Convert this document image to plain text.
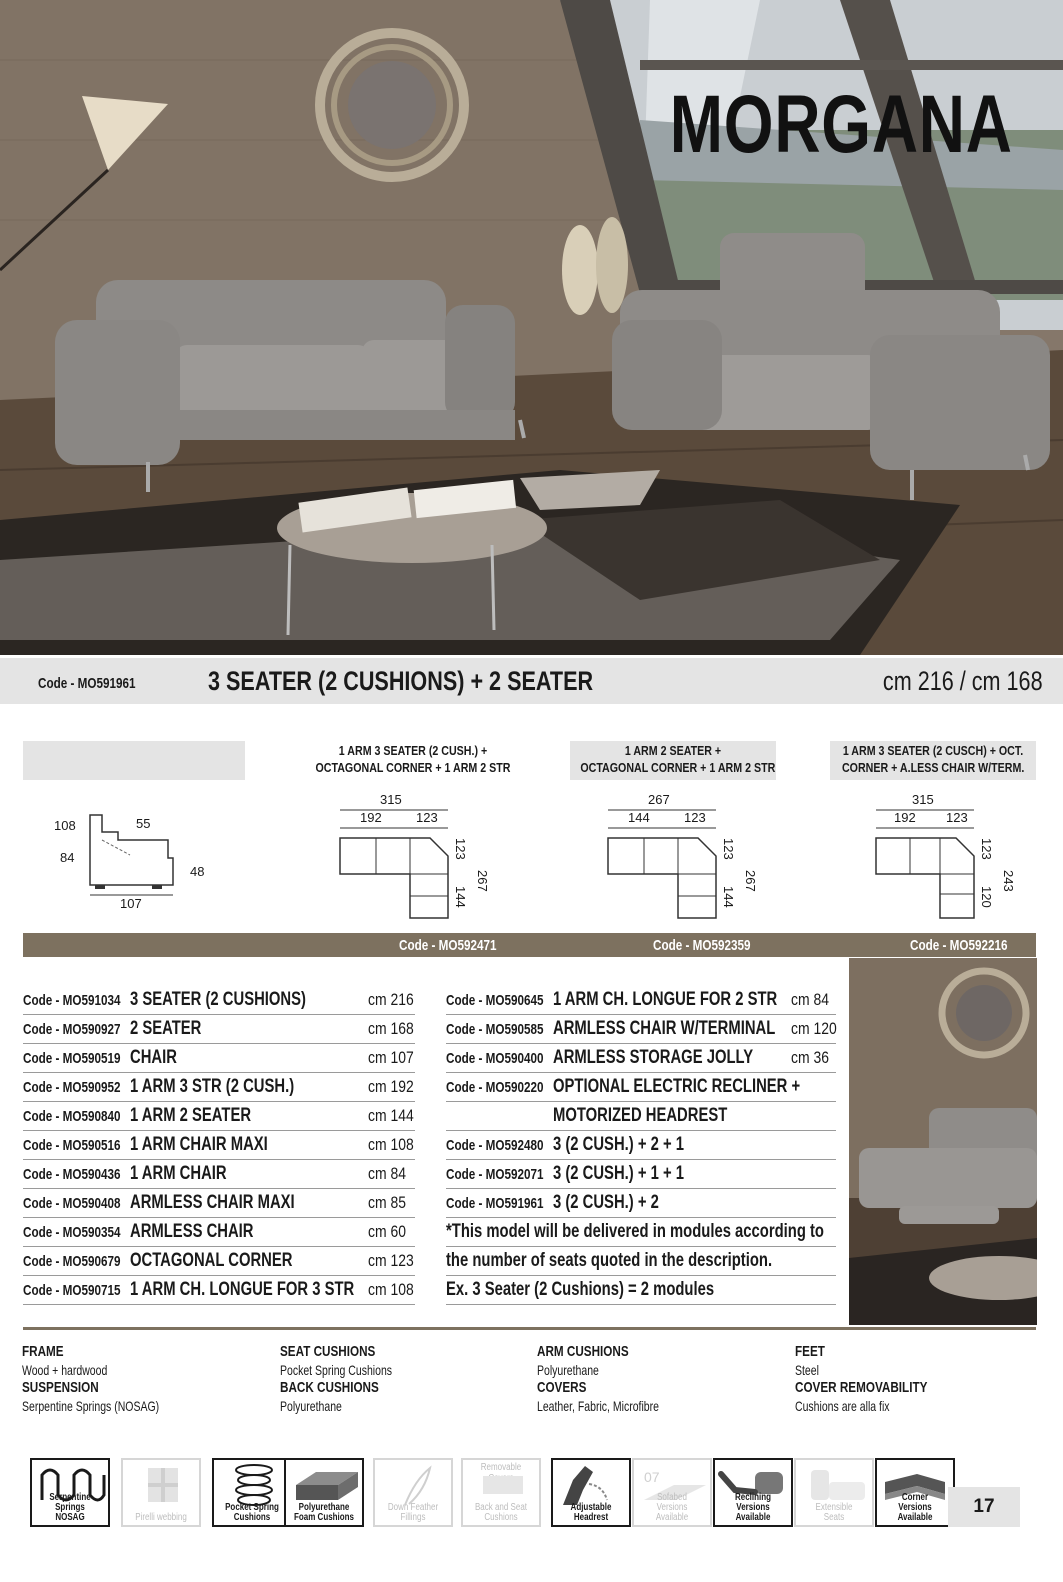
MORGANA
Code - MO591961	3 SEATER (2 CUSHIONS) + 2 SEATER	cm 216 / cm 168
1 ARM 3 SEATER (2 CUSH.) +
OCTAGONAL CORNER + 1 ARM 2 STR
1 ARM 2 SEATER +
OCTAGONAL CORNER + 1 ARM 2 STR
1 ARM 3 SEATER (2 CUSCH) + OCT.
CORNER + A.LESS CHAIR W/TERM.
108
84
48
55
107
315
192	123
123
144
267
267
144	123
123
144
267
315
192 123
123
120
243
Code - MO592471	Code - MO592359	Code - MO592216
Code - MO591034 3 SEATER (2 CUSHIONS)	cm 216
Code - MO590927 2 SEATER	cm 168
Code - MO590519 CHAIR	cm 107
Code - MO590952 1 ARM 3 STR (2 CUSH.)	cm 192
Code - MO590840 1 ARM 2 SEATER	cm 144
Code - MO590516 1 ARM CHAIR MAXI	cm 108
Code - MO590436 1 ARM CHAIR	cm 84
Code - MO590408 ARMLESS CHAIR MAXI	cm 85
Code - MO590354 ARMLESS CHAIR	cm 60
Code - MO590679 OCTAGONAL CORNER	cm 123
Code - MO590715 1 ARM CH. LONGUE FOR 3 STR cm 108
Code - MO590645 1 ARM CH. LONGUE FOR 2 STR cm 84
Code - MO590585 ARMLESS CHAIR W/TERMINAL cm 120
Code - MO590400 ARMLESS STORAGE JOLLY cm 36
Code - MO590220 OPTIONAL ELECTRIC RECLINER +
MOTORIZED HEADREST
Code - MO592480 3 (2 CUSH.) + 2 + 1
Code - MO592071 3 (2 CUSH.) + 1 + 1
Code - MO591961 3 (2 CUSH.) + 2
*This model will be delivered in modules according to
the number of seats quoted in the description.
Ex. 3 Seater (2 Cushions) = 2 modules
FRAME
Wood + hardwood
SUSPENSION
Serpentine Springs (NOSAG)
SEAT CUSHIONS
Pocket Spring Cushions
BACK CUSHIONS
Polyurethane
ARM CUSHIONS
Polyurethane
COVERS
Leather, Fabric, Microfibre
FEET
Steel
COVER REMOVABILITY
Cushions are alla fix
Serpentine
Springs NOSAG	Pirelli webbing
Pocket Spring
Cushions
Polyurethane
Foam Cushions
Down Feather
Fillings
Removable
Back and Seat
Cushions
Adjustable
Headrest
07
Sofabed Versions
Available
Reclining Versions
Available
Extensible
Seats
Corner Versions
Available
17
